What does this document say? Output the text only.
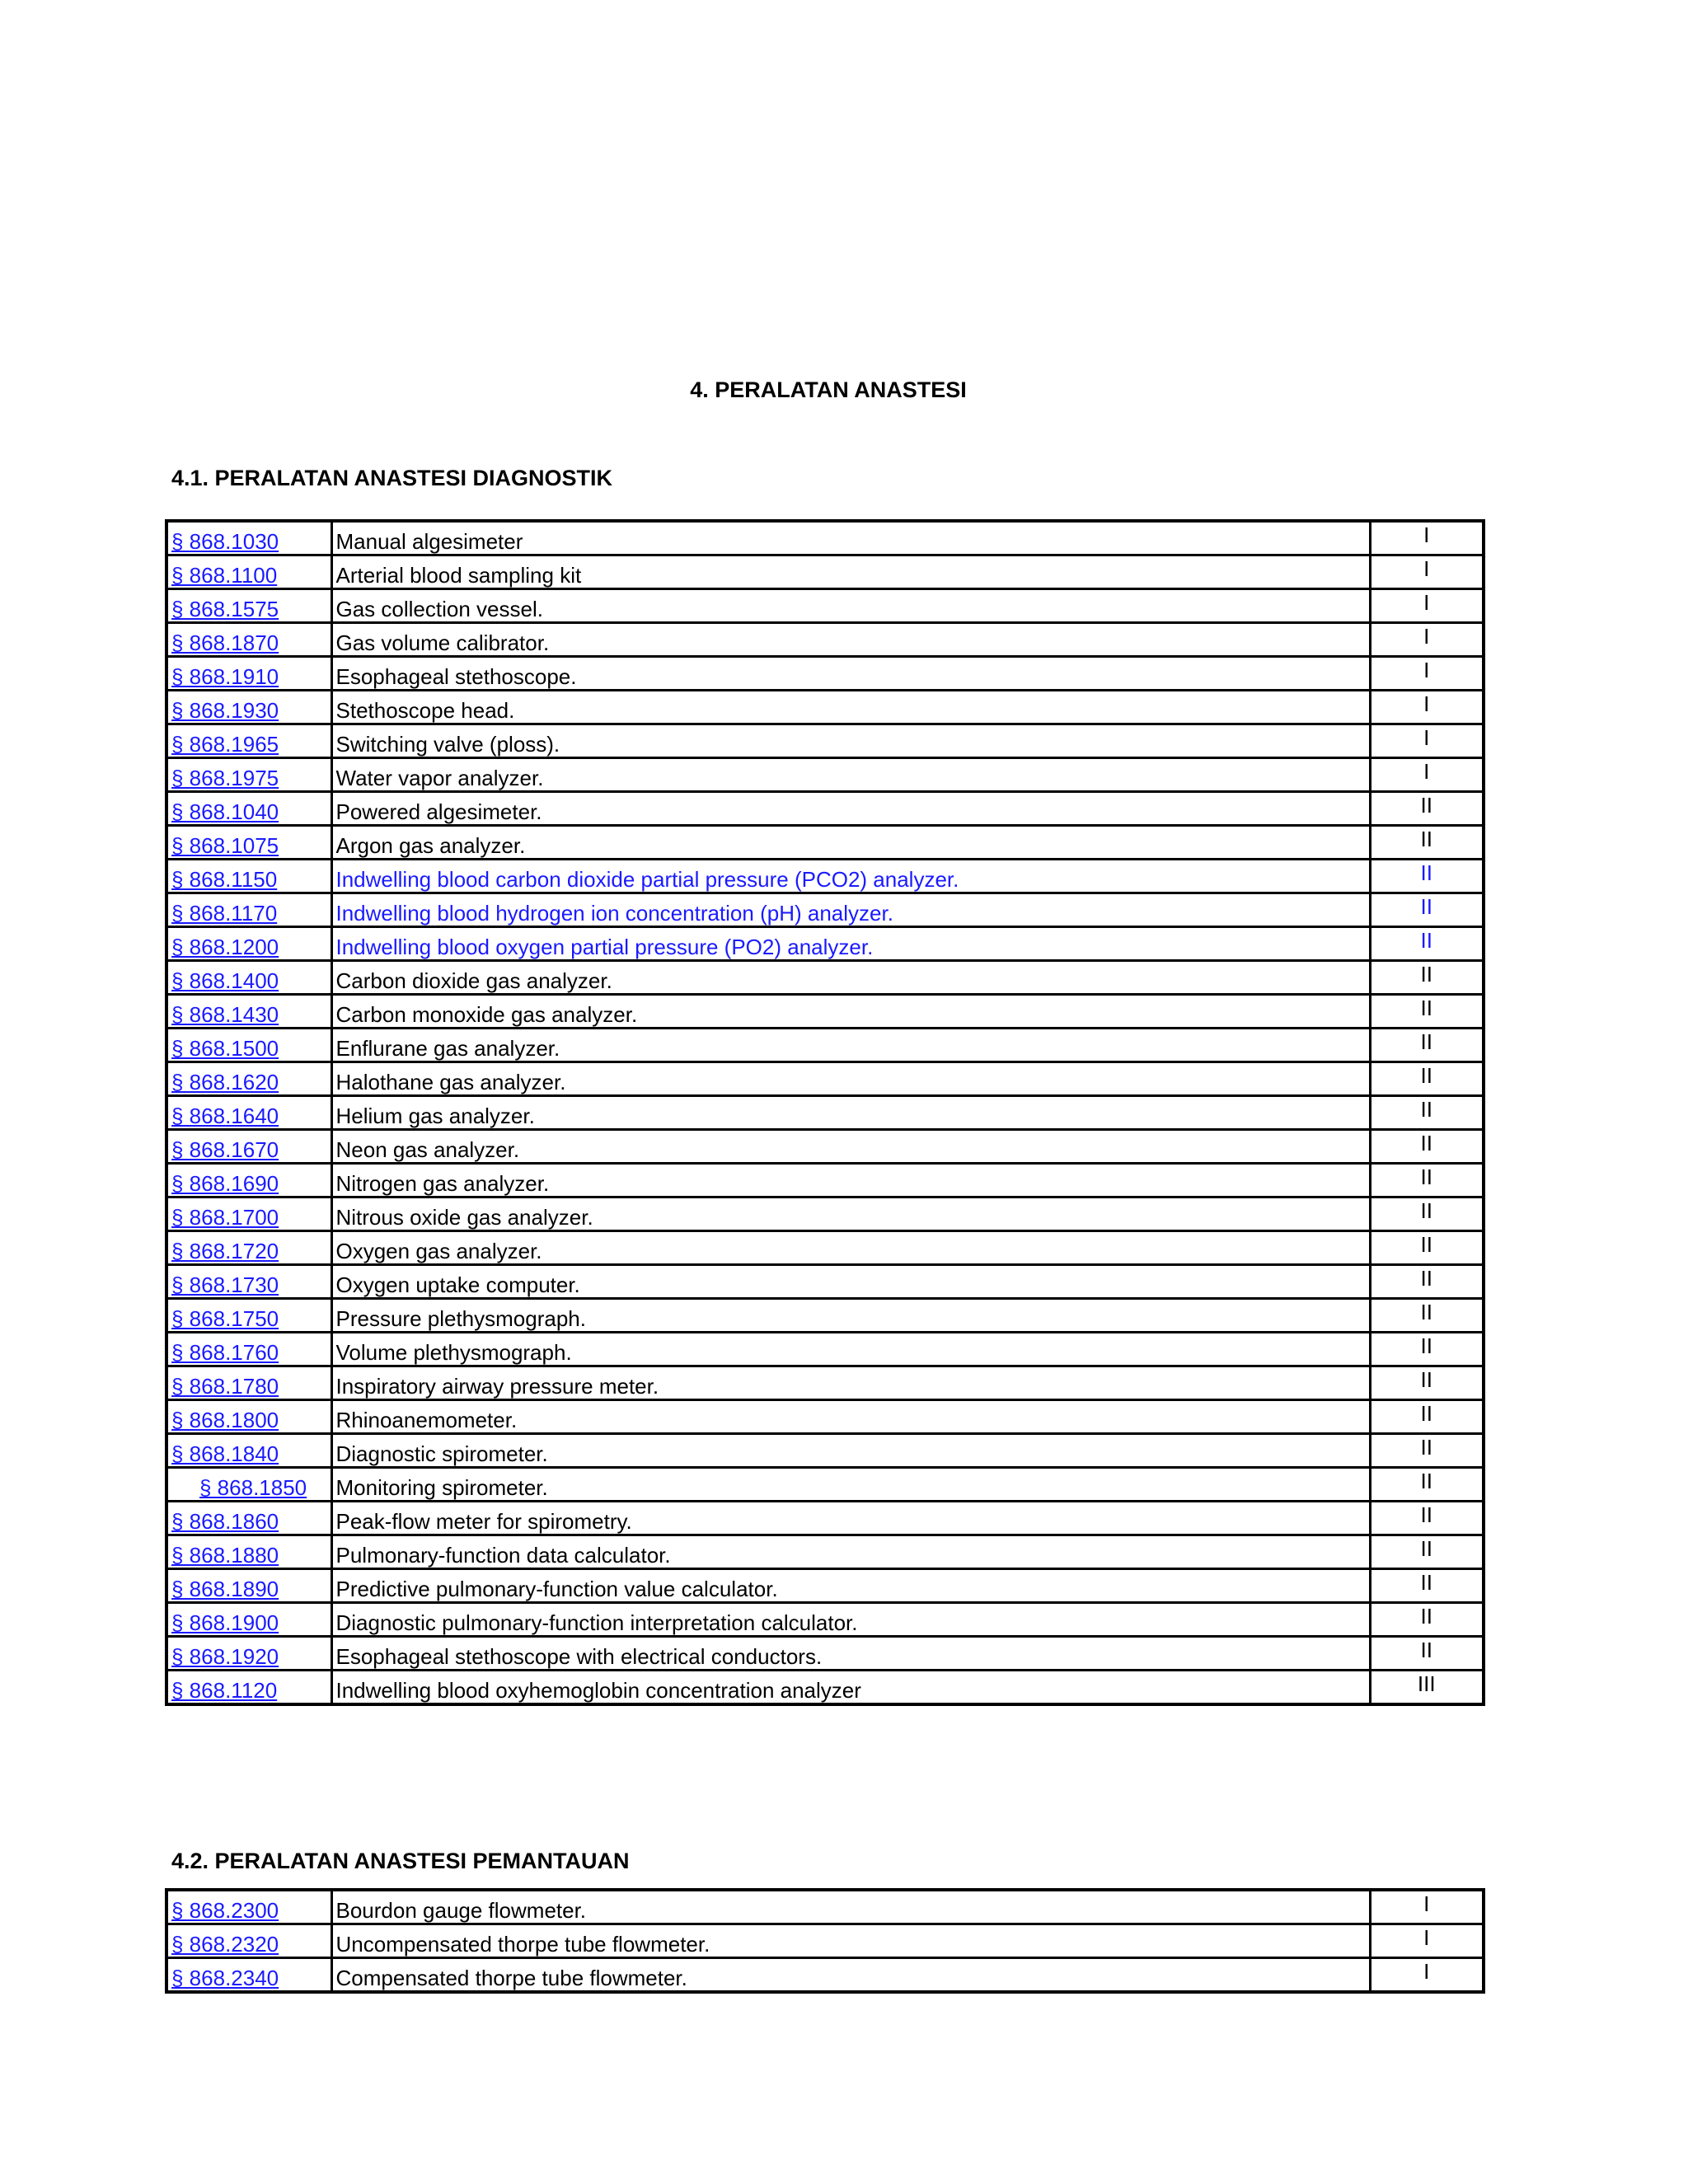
4. PERALATAN ANASTESI
4.1. PERALATAN ANASTESI DIAGNOSTIK
§ 868.1030	Manual algesimeter	I
§ 868.1100	Arterial blood sampling kit	I
§ 868.1575	Gas collection vessel.	I
§ 868.1870	Gas volume calibrator.	I
§ 868.1910	Esophageal stethoscope.	I
§ 868.1930	Stethoscope head.	I
§ 868.1965	Switching valve (ploss).	I
§ 868.1975	Water vapor analyzer.	I
§ 868.1040	Powered algesimeter.	II
§ 868.1075	Argon gas analyzer.	II
§ 868.1150	Indwelling blood carbon dioxide partial pressure (PCO2) analyzer.	II
§ 868.1170	Indwelling blood hydrogen ion concentration (pH) analyzer.	II
§ 868.1200	Indwelling blood oxygen partial pressure (PO2) analyzer.	II
§ 868.1400	Carbon dioxide gas analyzer.	II
§ 868.1430	Carbon monoxide gas analyzer.	II
§ 868.1500	Enflurane gas analyzer.	II
§ 868.1620	Halothane gas analyzer.	II
§ 868.1640	Helium gas analyzer.	II
§ 868.1670	Neon gas analyzer.	II
§ 868.1690	Nitrogen gas analyzer.	II
§ 868.1700	Nitrous oxide gas analyzer.	II
§ 868.1720	Oxygen gas analyzer.	II
§ 868.1730	Oxygen uptake computer.	II
§ 868.1750	Pressure plethysmograph.	II
§ 868.1760	Volume plethysmograph.	II
§ 868.1780	Inspiratory airway pressure meter.	II
§ 868.1800	Rhinoanemometer.	II
§ 868.1840	Diagnostic spirometer.	II
§ 868.1850	Monitoring spirometer.	II
§ 868.1860	Peak-flow meter for spirometry.	II
§ 868.1880	Pulmonary-function data calculator.	II
§ 868.1890	Predictive pulmonary-function value calculator.	II
§ 868.1900	Diagnostic pulmonary-function interpretation calculator.	II
§ 868.1920	Esophageal stethoscope with electrical conductors.	II
§ 868.1120	Indwelling blood oxyhemoglobin concentration analyzer	III
4.2. PERALATAN ANASTESI PEMANTAUAN
§ 868.2300	Bourdon gauge flowmeter.	I
§ 868.2320	Uncompensated thorpe tube flowmeter.	I
§ 868.2340	Compensated thorpe tube flowmeter.	I
